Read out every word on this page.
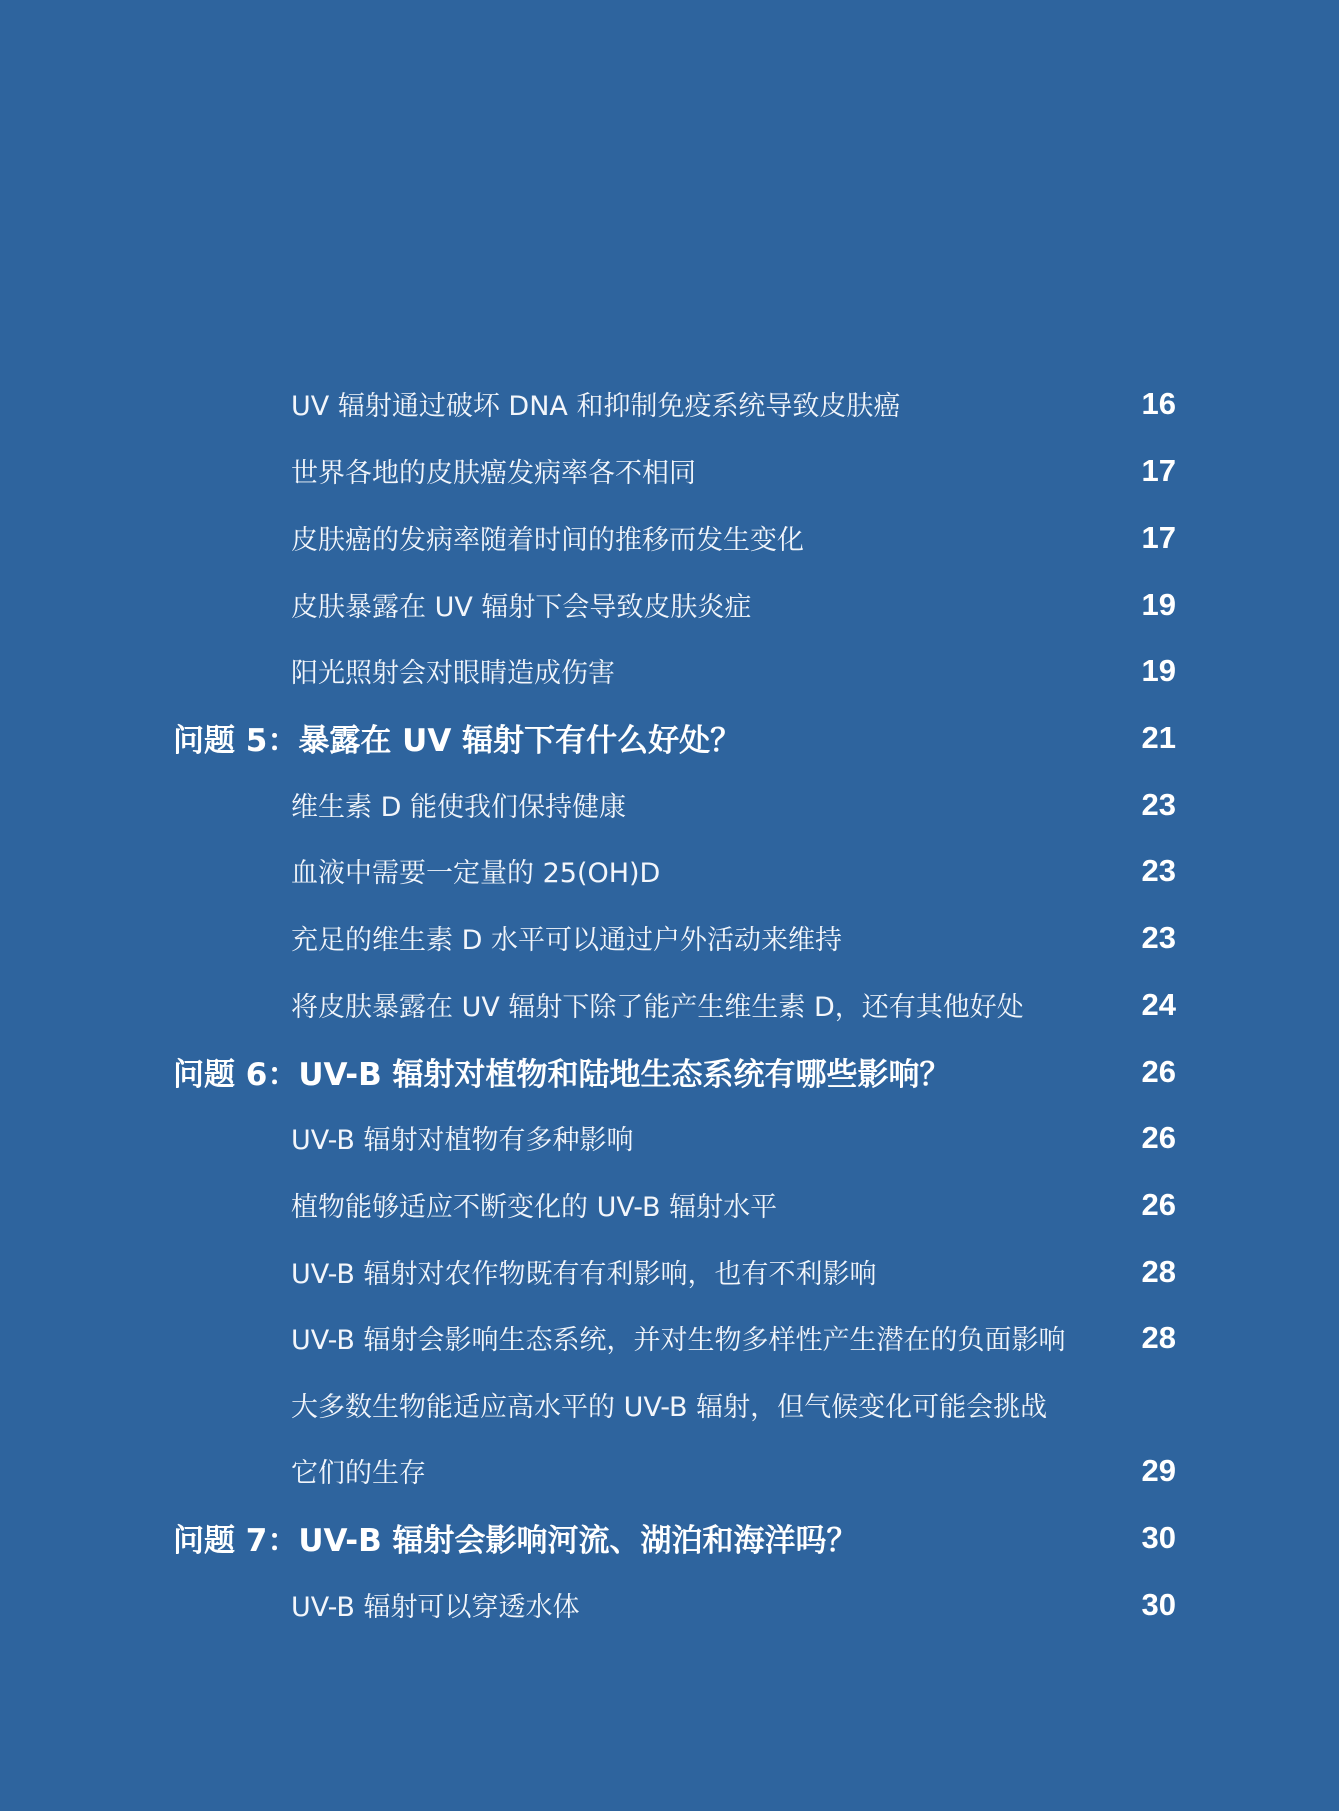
UV 辐射通过破坏 DNA 和抑制免疫系统导致皮肤癌	16
世界各地的皮肤癌发病率各不相同	17
皮肤癌的发病率随着时间的推移而发生变化	17
皮肤暴露在 UV 辐射下会导致皮肤炎症	19
阳光照射会对眼睛造成伤害	19
问题 5：暴露在 UV 辐射下有什么好处？	21
维生素 D 能使我们保持健康	23
血液中需要一定量的 25(OH)D	23
充足的维生素 D 水平可以通过户外活动来维持	23
将皮肤暴露在 UV 辐射下除了能产生维生素 D，还有其他好处	24
问题 6：UV-B 辐射对植物和陆地生态系统有哪些影响？	26
UV-B 辐射对植物有多种影响	26
植物能够适应不断变化的 UV-B 辐射水平	26
UV-B 辐射对农作物既有有利影响，也有不利影响	28
UV-B 辐射会影响生态系统，并对生物多样性产生潜在的负面影响 28
大多数生物能适应高水平的 UV-B 辐射，但气候变化可能会挑战
它们的生存	29
问题 7：UV-B 辐射会影响河流、湖泊和海洋吗？	30
UV-B 辐射可以穿透水体	30
